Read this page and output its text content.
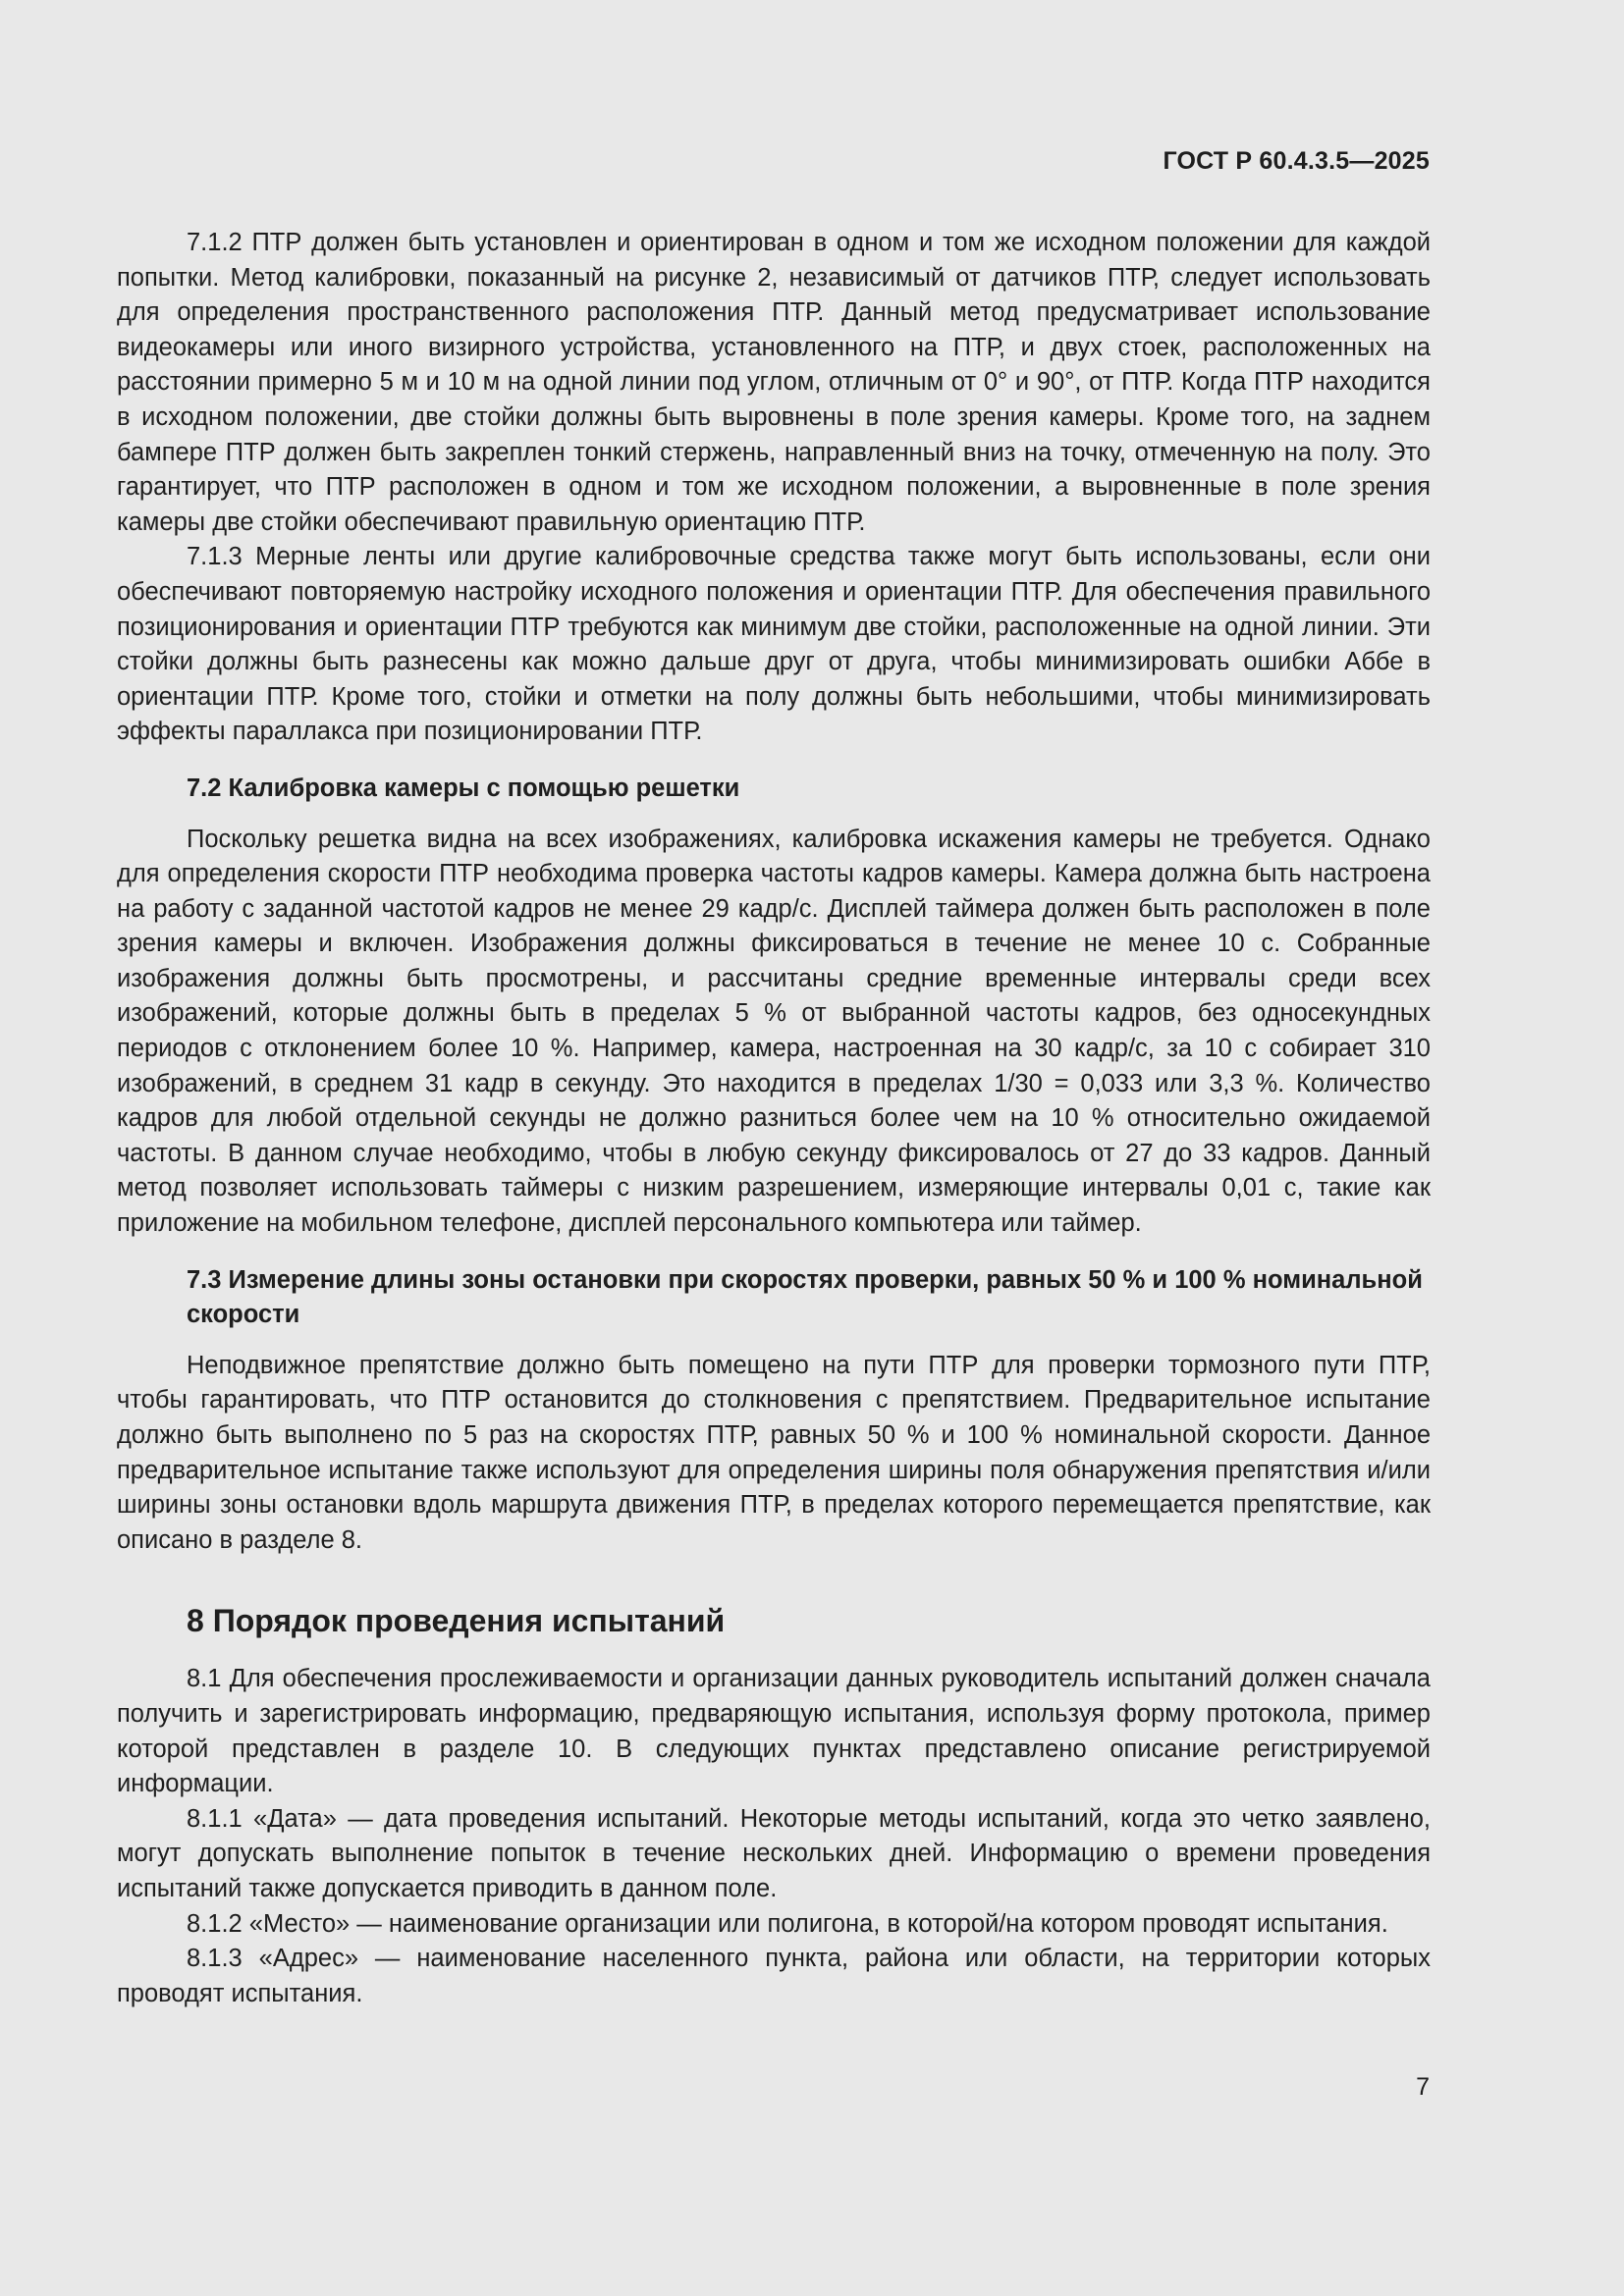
ГОСТ Р 60.4.3.5—2025

7.1.2 ПТР должен быть установлен и ориентирован в одном и том же исходном положении для каждой попытки. Метод калибровки, показанный на рисунке 2, независимый от датчиков ПТР, следует использовать для определения пространственного расположения ПТР. Данный метод предусматривает использование видеокамеры или иного визирного устройства, установленного на ПТР, и двух стоек, расположенных на расстоянии примерно 5 м и 10 м на одной линии под углом, отличным от 0° и 90°, от ПТР. Когда ПТР находится в исходном положении, две стойки должны быть выровнены в поле зрения камеры. Кроме того, на заднем бампере ПТР должен быть закреплен тонкий стержень, направленный вниз на точку, отмеченную на полу. Это гарантирует, что ПТР расположен в одном и том же исходном положении, а выровненные в поле зрения камеры две стойки обеспечивают правильную ориентацию ПТР.

7.1.3 Мерные ленты или другие калибровочные средства также могут быть использованы, если они обеспечивают повторяемую настройку исходного положения и ориентации ПТР. Для обеспечения правильного позиционирования и ориентации ПТР требуются как минимум две стойки, расположенные на одной линии. Эти стойки должны быть разнесены как можно дальше друг от друга, чтобы минимизировать ошибки Аббе в ориентации ПТР. Кроме того, стойки и отметки на полу должны быть небольшими, чтобы минимизировать эффекты параллакса при позиционировании ПТР.

7.2 Калибровка камеры с помощью решетки

Поскольку решетка видна на всех изображениях, калибровка искажения камеры не требуется. Однако для определения скорости ПТР необходима проверка частоты кадров камеры. Камера должна быть настроена на работу с заданной частотой кадров не менее 29 кадр/с. Дисплей таймера должен быть расположен в поле зрения камеры и включен. Изображения должны фиксироваться в течение не менее 10 с. Собранные изображения должны быть просмотрены, и рассчитаны средние временные интервалы среди всех изображений, которые должны быть в пределах 5 % от выбранной частоты кадров, без односекундных периодов с отклонением более 10 %. Например, камера, настроенная на 30 кадр/с, за 10 с собирает 310 изображений, в среднем 31 кадр в секунду. Это находится в пределах 1/30 = 0,033 или 3,3 %. Количество кадров для любой отдельной секунды не должно разниться более чем на 10 % относительно ожидаемой частоты. В данном случае необходимо, чтобы в любую секунду фиксировалось от 27 до 33 кадров. Данный метод позволяет использовать таймеры с низким разрешением, измеряющие интервалы 0,01 с, такие как приложение на мобильном телефоне, дисплей персонального компьютера или таймер.

7.3 Измерение длины зоны остановки при скоростях проверки, равных 50 % и 100 % номинальной скорости

Неподвижное препятствие должно быть помещено на пути ПТР для проверки тормозного пути ПТР, чтобы гарантировать, что ПТР остановится до столкновения с препятствием. Предварительное испытание должно быть выполнено по 5 раз на скоростях ПТР, равных 50 % и 100 % номинальной скорости. Данное предварительное испытание также используют для определения ширины поля обнаружения препятствия и/или ширины зоны остановки вдоль маршрута движения ПТР, в пределах которого перемещается препятствие, как описано в разделе 8.

8 Порядок проведения испытаний

8.1 Для обеспечения прослеживаемости и организации данных руководитель испытаний должен сначала получить и зарегистрировать информацию, предваряющую испытания, используя форму протокола, пример которой представлен в разделе 10. В следующих пунктах представлено описание регистрируемой информации.

8.1.1 «Дата» — дата проведения испытаний. Некоторые методы испытаний, когда это четко заявлено, могут допускать выполнение попыток в течение нескольких дней. Информацию о времени проведения испытаний также допускается приводить в данном поле.

8.1.2 «Место» — наименование организации или полигона, в которой/на котором проводят испытания.

8.1.3 «Адрес» — наименование населенного пункта, района или области, на территории которых проводят испытания.

7
